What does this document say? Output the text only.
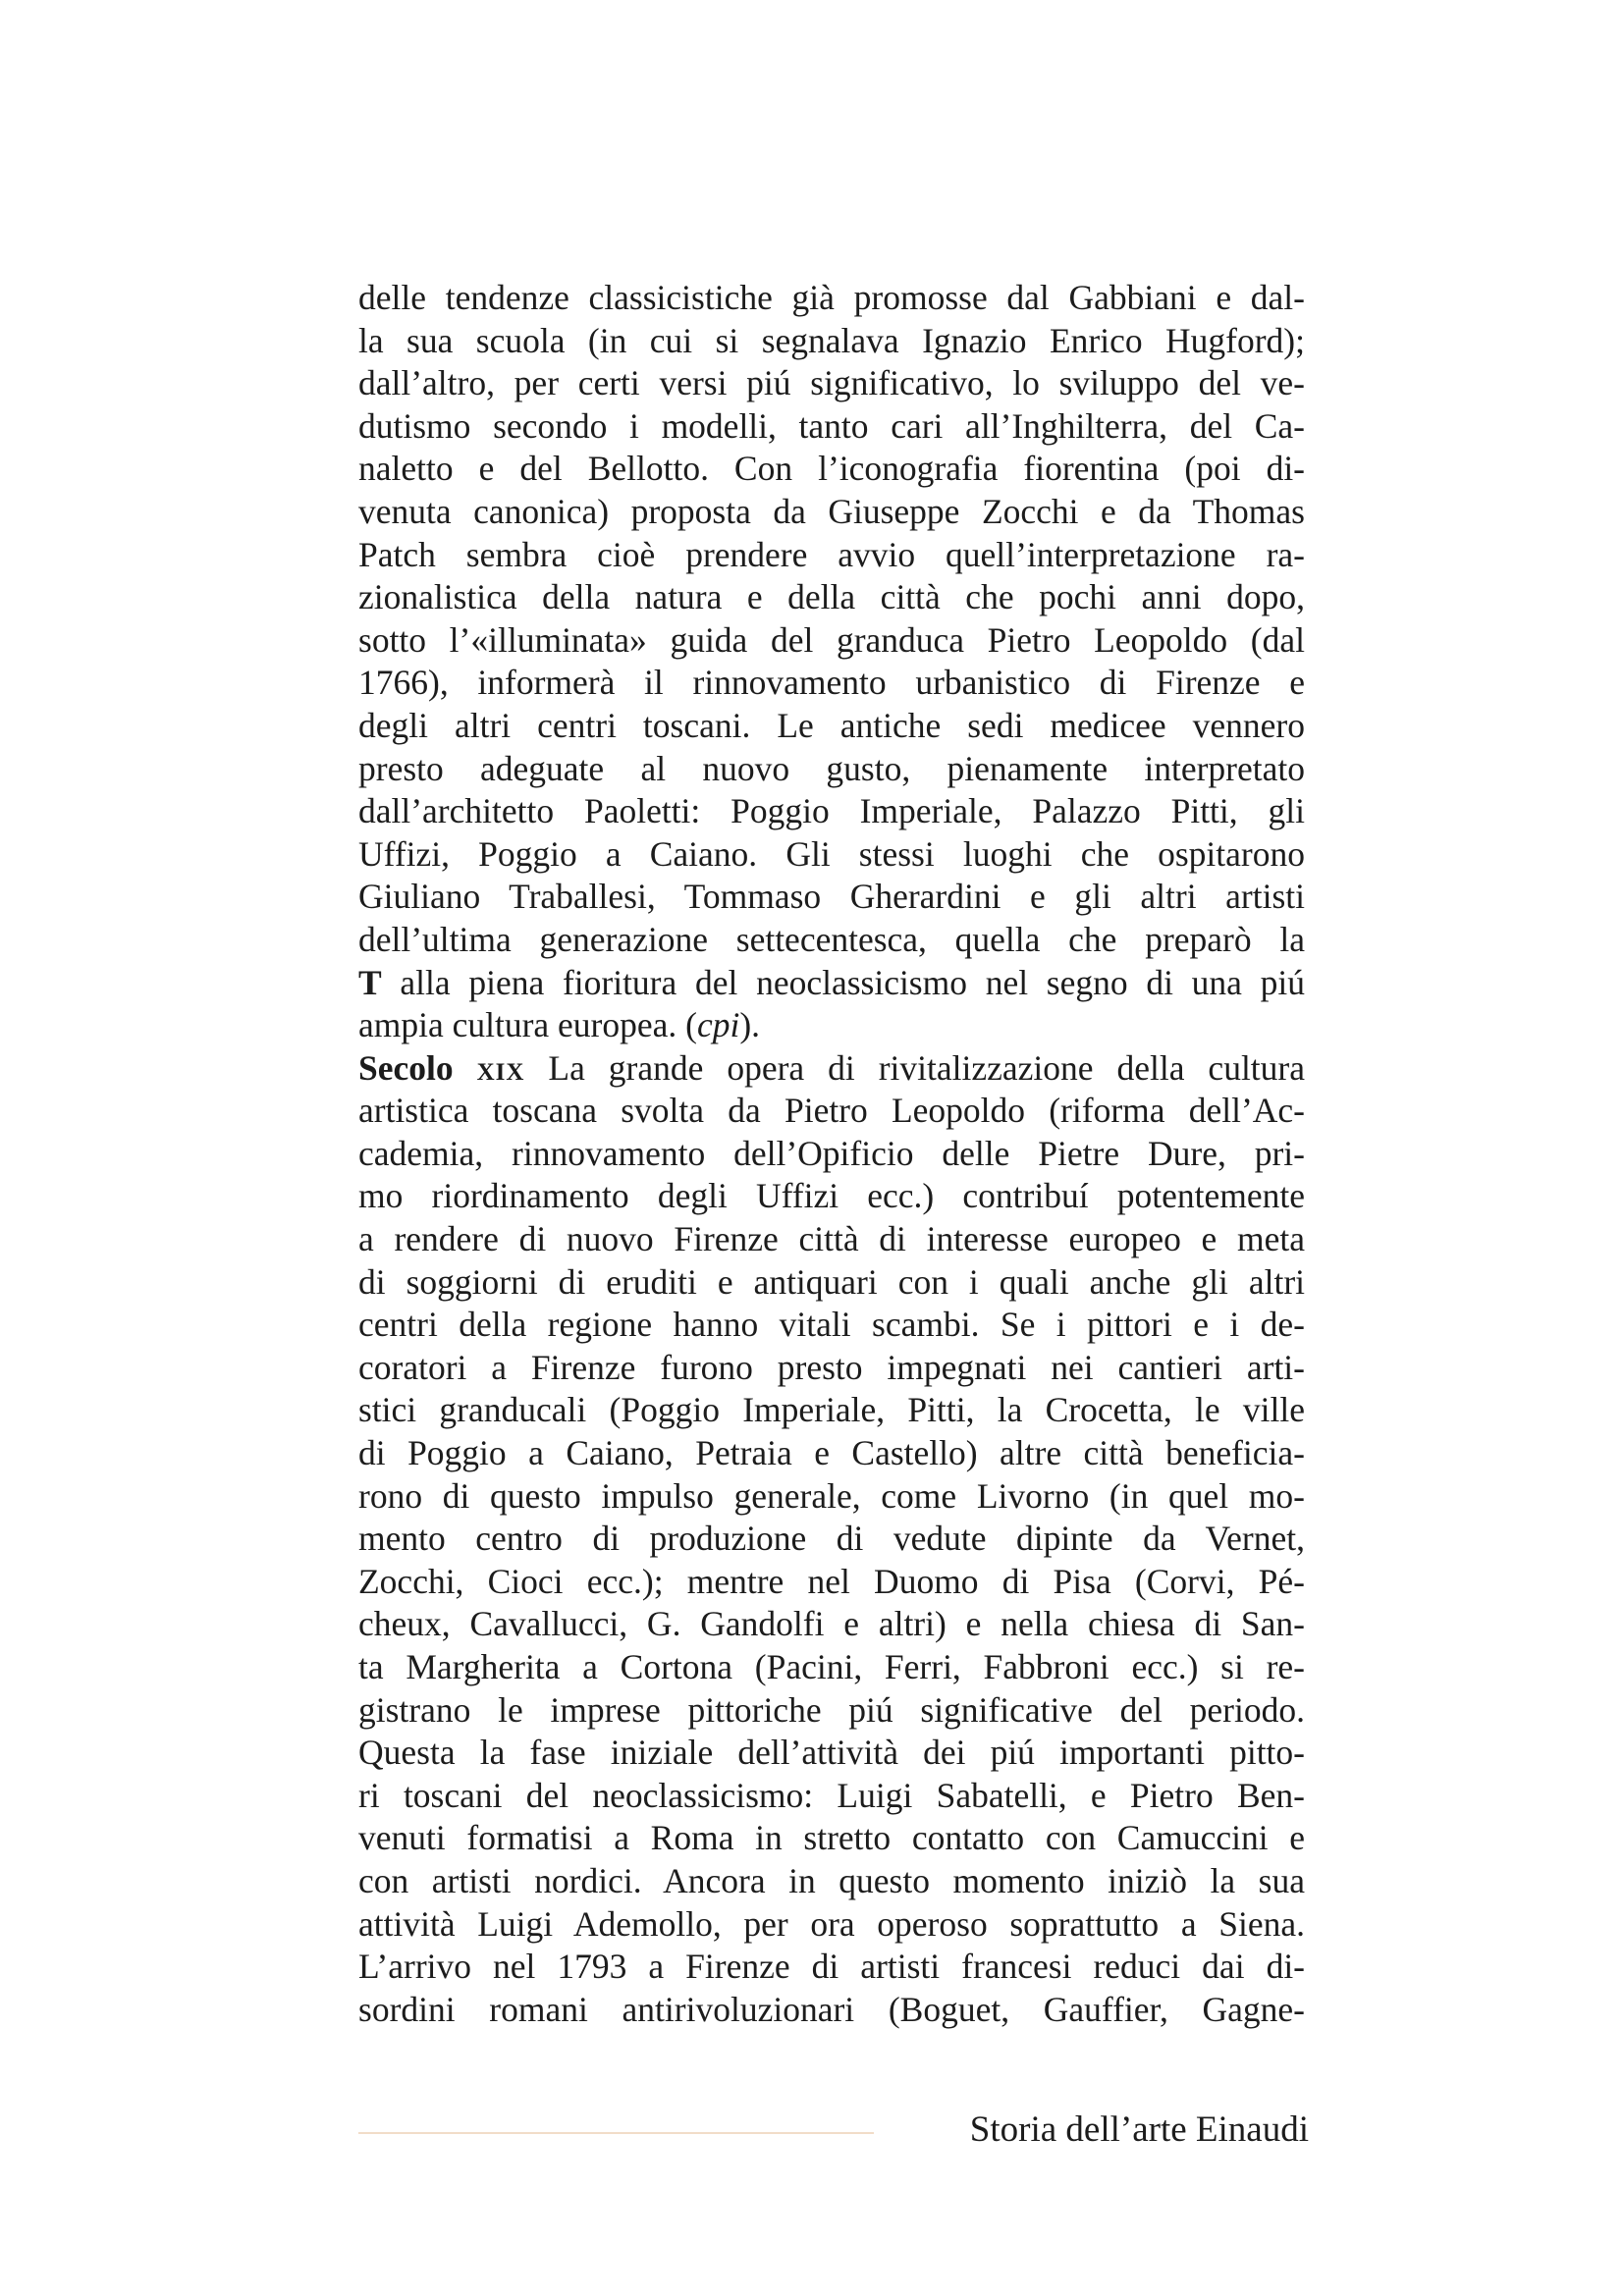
delle tendenze classicistiche già promosse dal Gabbiani e dal-
la sua scuola (in cui si segnalava Ignazio Enrico Hugford);
dall’altro, per certi versi piú significativo, lo sviluppo del ve-
dutismo secondo i modelli, tanto cari all’Inghilterra, del Ca-
naletto e del Bellotto. Con l’iconografia fiorentina (poi di-
venuta canonica) proposta da Giuseppe Zocchi e da Thomas
Patch sembra cioè prendere avvio quell’interpretazione ra-
zionalistica della natura e della città che pochi anni dopo,
sotto l’«illuminata» guida del granduca Pietro Leopoldo (dal
1766), informerà il rinnovamento urbanistico di Firenze e
degli altri centri toscani. Le antiche sedi medicee vennero
presto adeguate al nuovo gusto, pienamente interpretato
dall’architetto Paoletti: Poggio Imperiale, Palazzo Pitti, gli
Uffizi, Poggio a Caiano. Gli stessi luoghi che ospitarono
Giuliano Traballesi, Tommaso Gherardini e gli altri artisti
dell’ultima generazione settecentesca, quella che preparò la
T alla piena fioritura del neoclassicismo nel segno di una piú
ampia cultura europea. (cpi).
Secolo xix La grande opera di rivitalizzazione della cultura
artistica toscana svolta da Pietro Leopoldo (riforma dell’Ac-
cademia, rinnovamento dell’Opificio delle Pietre Dure, pri-
mo riordinamento degli Uffizi ecc.) contribuí potentemente
a rendere di nuovo Firenze città di interesse europeo e meta
di soggiorni di eruditi e antiquari con i quali anche gli altri
centri della regione hanno vitali scambi. Se i pittori e i de-
coratori a Firenze furono presto impegnati nei cantieri arti-
stici granducali (Poggio Imperiale, Pitti, la Crocetta, le ville
di Poggio a Caiano, Petraia e Castello) altre città beneficia-
rono di questo impulso generale, come Livorno (in quel mo-
mento centro di produzione di vedute dipinte da Vernet,
Zocchi, Cioci ecc.); mentre nel Duomo di Pisa (Corvi, Pé-
cheux, Cavallucci, G. Gandolfi e altri) e nella chiesa di San-
ta Margherita a Cortona (Pacini, Ferri, Fabbroni ecc.) si re-
gistrano le imprese pittoriche piú significative del periodo.
Questa la fase iniziale dell’attività dei piú importanti pitto-
ri toscani del neoclassicismo: Luigi Sabatelli, e Pietro Ben-
venuti formatisi a Roma in stretto contatto con Camuccini e
con artisti nordici. Ancora in questo momento iniziò la sua
attività Luigi Ademollo, per ora operoso soprattutto a Siena.
L’arrivo nel 1793 a Firenze di artisti francesi reduci dai di-
sordini romani antirivoluzionari (Boguet, Gauffier, Gagne-
Storia dell’arte Einaudi
